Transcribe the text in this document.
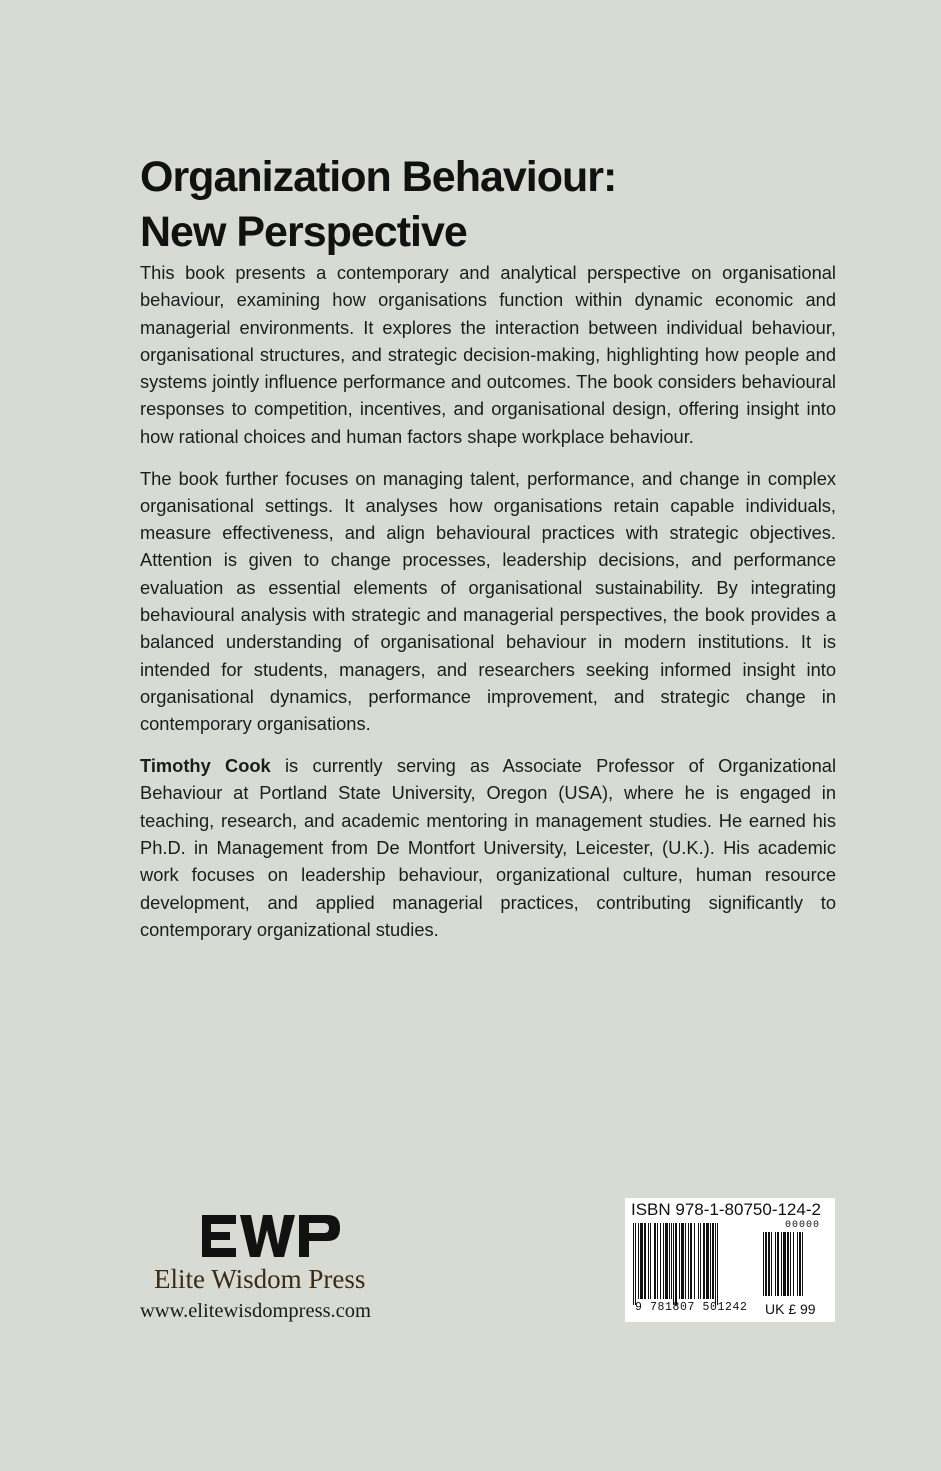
Organization Behaviour:
New Perspective

This book presents a contemporary and analytical perspective on organisational behaviour, examining how organisations function within dynamic economic and managerial environments. It explores the interaction between individual behaviour, organisational structures, and strategic decision-making, highlighting how people and systems jointly influence performance and outcomes. The book considers behavioural responses to competition, incentives, and organisational design, offering insight into how rational choices and human factors shape workplace behaviour.

The book further focuses on managing talent, performance, and change in complex organisational settings. It analyses how organisations retain capable individuals, measure effectiveness, and align behavioural practices with strategic objectives. Attention is given to change processes, leadership decisions, and performance evaluation as essential elements of organisational sustainability. By integrating behavioural analysis with strategic and managerial perspectives, the book provides a balanced understanding of organisational behaviour in modern institutions. It is intended for students, managers, and researchers seeking informed insight into organisational dynamics, performance improvement, and strategic change in contemporary organisations.

Timothy Cook is currently serving as Associate Professor of Organizational Behaviour at Portland State University, Oregon (USA), where he is engaged in teaching, research, and academic mentoring in management studies. He earned his Ph.D. in Management from De Montfort University, Leicester, (U.K.). His academic work focuses on leadership behaviour, organizational culture, human resource development, and applied managerial practices, contributing significantly to contemporary organizational studies.

Elite Wisdom Press
www.elitewisdompress.com
ISBN 978-1-80750-124-2
00000
9 781807 501242 UK £ 99
